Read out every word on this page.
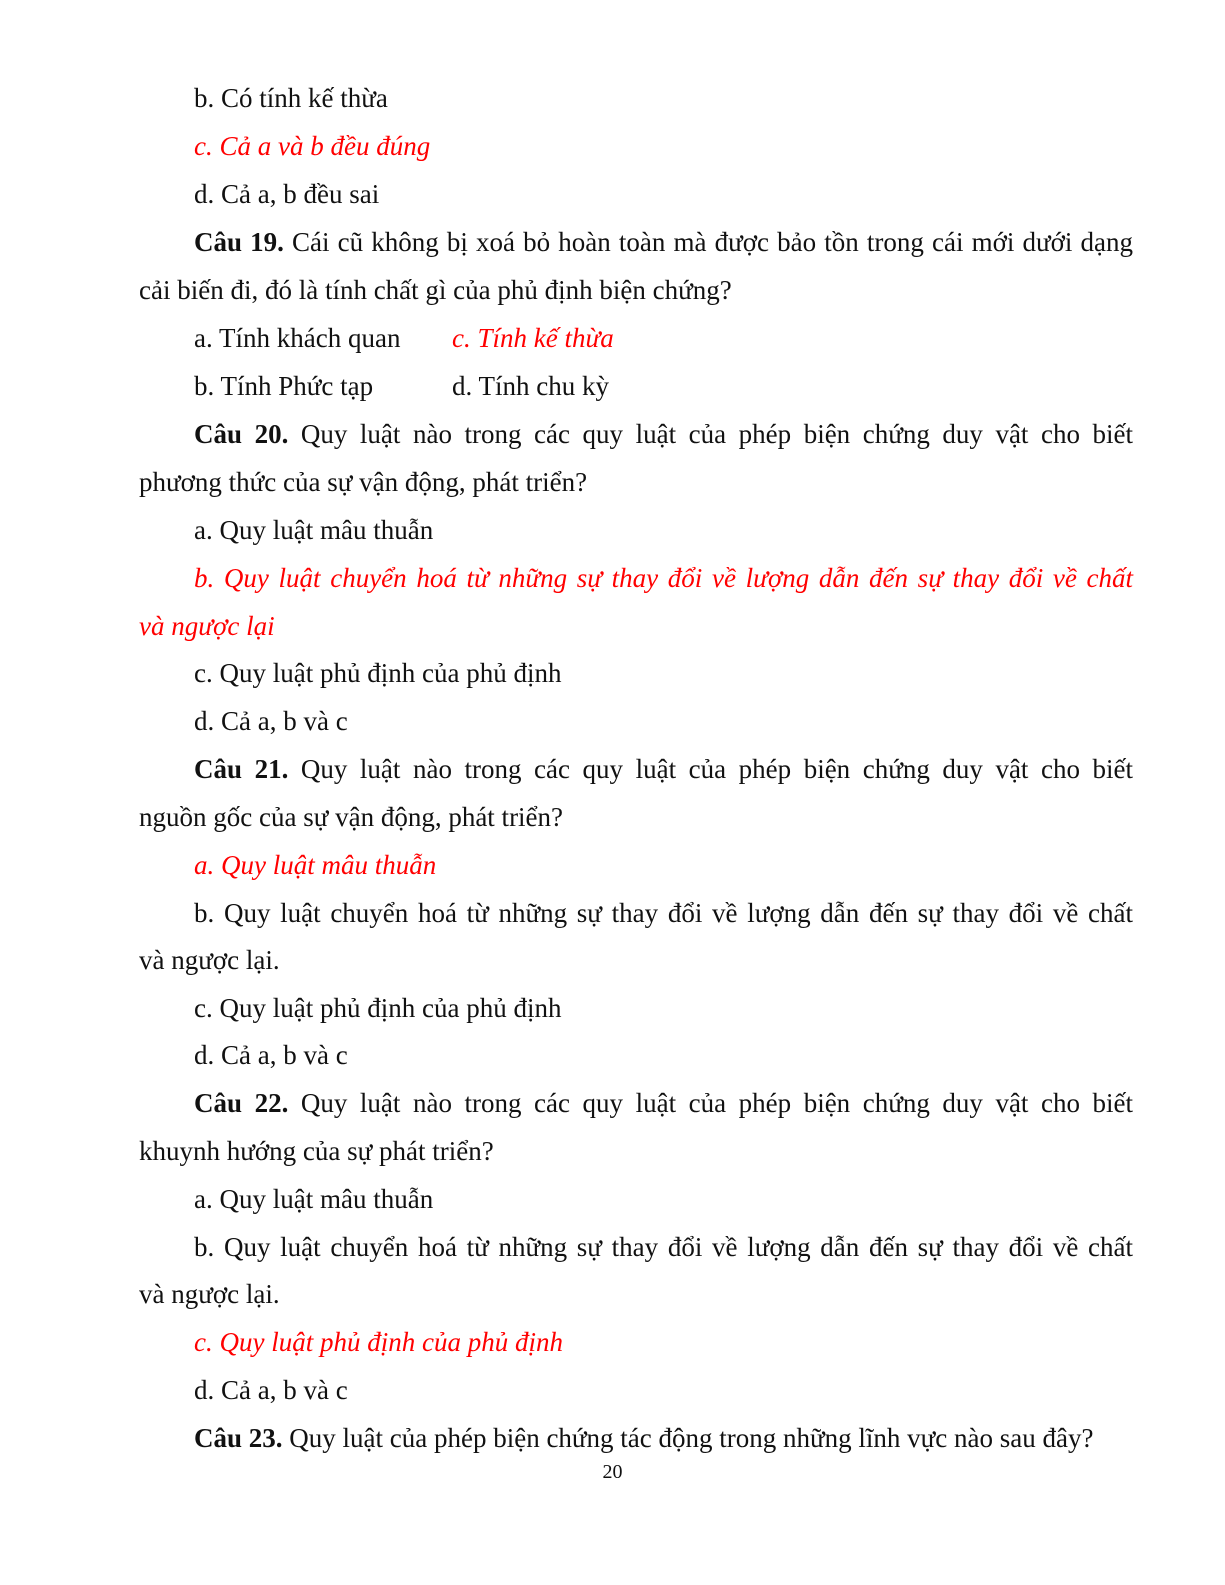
b. Có tính kế thừa
c. Cả a và b đều đúng
d. Cả a, b đều sai
Câu 19. Cái cũ không bị xoá bỏ hoàn toàn mà được bảo tồn trong cái mới dưới dạng
cải biến đi, đó là tính chất gì của phủ định biện chứng?
a. Tính khách quan c. Tính kế thừa
b. Tính Phức tạp	d. Tính chu kỳ
Câu 20. Quy luật nào trong các quy luật của phép biện chứng duy vật cho biết
phương thức của sự vận động, phát triển?
a. Quy luật mâu thuẫn
b. Quy luật chuyển hoá từ những sự thay đổi về lượng dẫn đến sự thay đổi về chất
và ngược lại
c. Quy luật phủ định của phủ định
d. Cả a, b và c
Câu 21. Quy luật nào trong các quy luật của phép biện chứng duy vật cho biết
nguồn gốc của sự vận động, phát triển?
a. Quy luật mâu thuẫn
b. Quy luật chuyển hoá từ những sự thay đổi về lượng dẫn đến sự thay đổi về chất
và ngược lại.
c. Quy luật phủ định của phủ định
d. Cả a, b và c
Câu 22. Quy luật nào trong các quy luật của phép biện chứng duy vật cho biết
khuynh hướng của sự phát triển?
a. Quy luật mâu thuẫn
b. Quy luật chuyển hoá từ những sự thay đổi về lượng dẫn đến sự thay đổi về chất
và ngược lại.
c. Quy luật phủ định của phủ định
d. Cả a, b và c
Câu 23. Quy luật của phép biện chứng tác động trong những lĩnh vực nào sau đây?
20
